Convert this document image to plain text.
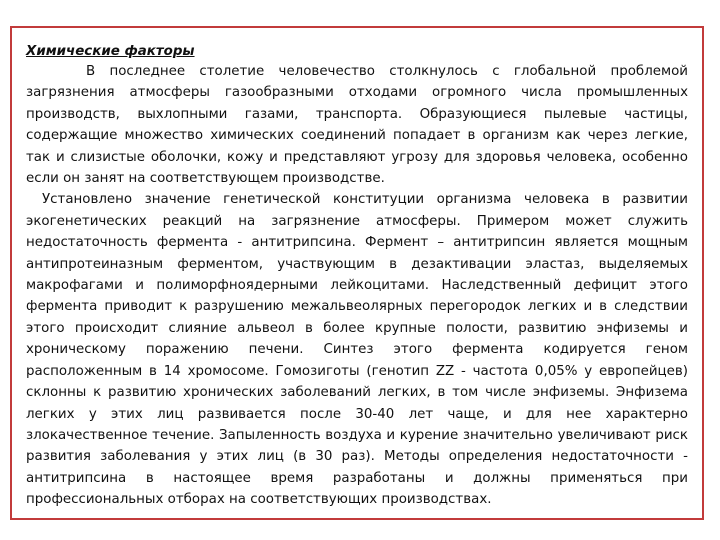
Химические факторы

В последнее столетие человечество столкнулось с глобальной проблемой загрязнения атмосферы газообразными отходами огромного числа промышленных производств, выхлопными газами, транспорта. Образующиеся пылевые частицы, содержащие множество химических соединений попадает в организм как через легкие, так и слизистые оболочки, кожу и представляют угрозу для здоровья человека, особенно если он занят на соответствующем производстве.

Установлено значение генетической конституции организма человека в развитии экогенетических реакций на загрязнение атмосферы. Примером может служить недостаточность фермента - антитрипсина. Фермент – антитрипсин является мощным антипротеиназным ферментом, участвующим в дезактивации эластаз, выделяемых макрофагами и полиморфноядерными лейкоцитами. Наследственный дефицит этого фермента приводит к разрушению межальвеолярных перегородок легких и в следствии этого происходит слияние альвеол в более крупные полости, развитию энфиземы и хроническому поражению печени. Синтез этого фермента кодируется геном расположенным в 14 хромосоме. Гомозиготы (генотип ZZ - частота 0,05% у европейцев) склонны к развитию хронических заболеваний легких, в том числе энфиземы. Энфизема легких у этих лиц развивается после 30-40 лет чаще, и для нее характерно злокачественное течение. Запыленность воздуха и курение значительно увеличивают риск развития заболевания у этих лиц (в 30 раз). Методы определения недостаточности - антитрипсина в настоящее время разработаны и должны применяться при профессиональных отборах на соответствующих производствах.
